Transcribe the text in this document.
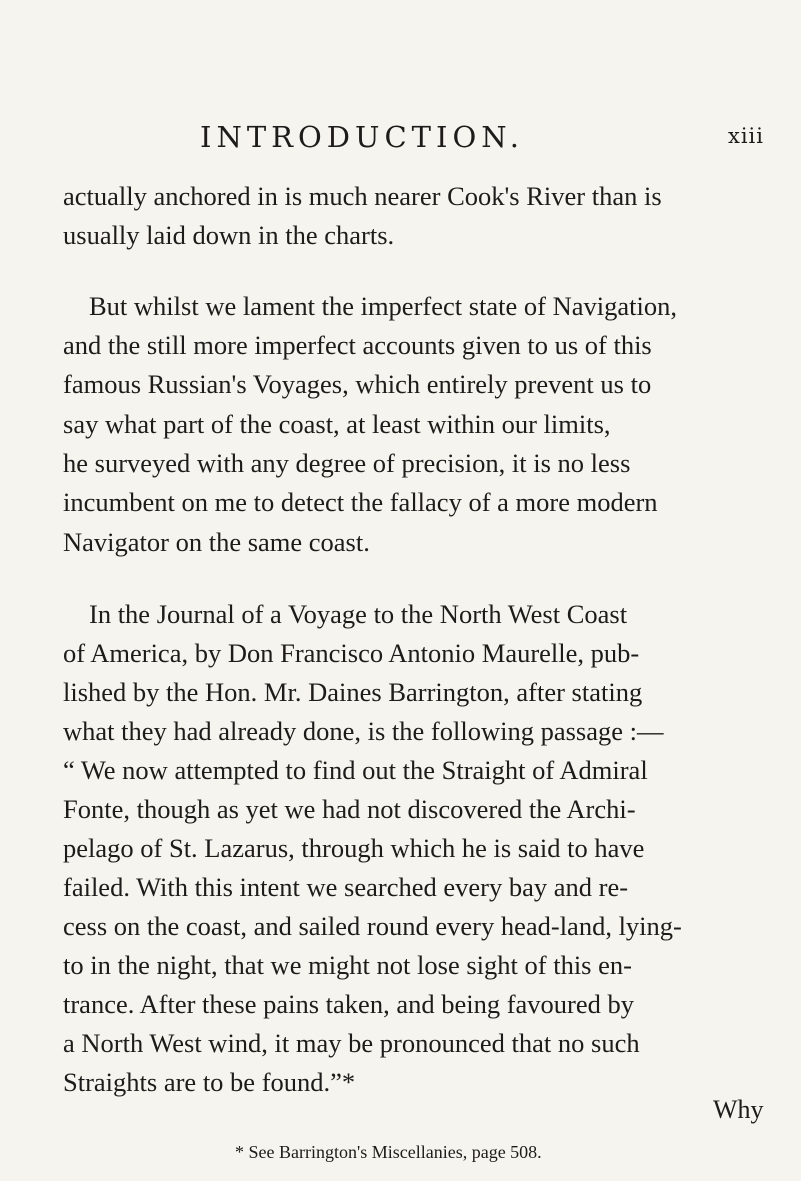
INTRODUCTION.	xiii
actually anchored in is much nearer Cook's River than is
usually laid down in the charts.
But whilst we lament the imperfect state of Navigation,
and the still more imperfect accounts given to us of this
famous Russian's Voyages, which entirely prevent us to
say what part of the coast, at least within our limits,
he surveyed with any degree of precision, it is no less
incumbent on me to detect the fallacy of a more modern
Navigator on the same coast.
In the Journal of a Voyage to the North West Coast
of America, by Don Francisco Antonio Maurelle, pub-
lished by the Hon. Mr. Daines Barrington, after stating
what they had already done, is the following passage :—
“ We now attempted to find out the Straight of Admiral
Fonte, though as yet we had not discovered the Archi-
pelago of St. Lazarus, through which he is said to have
failed. With this intent we searched every bay and re-
cess on the coast, and sailed round every head-land, lying-
to in the night, that we might not lose sight of this en-
trance. After these pains taken, and being favoured by
a North West wind, it may be pronounced that no such
Straights are to be found.”*
Why
* See Barrington's Miscellanies, page 508.
